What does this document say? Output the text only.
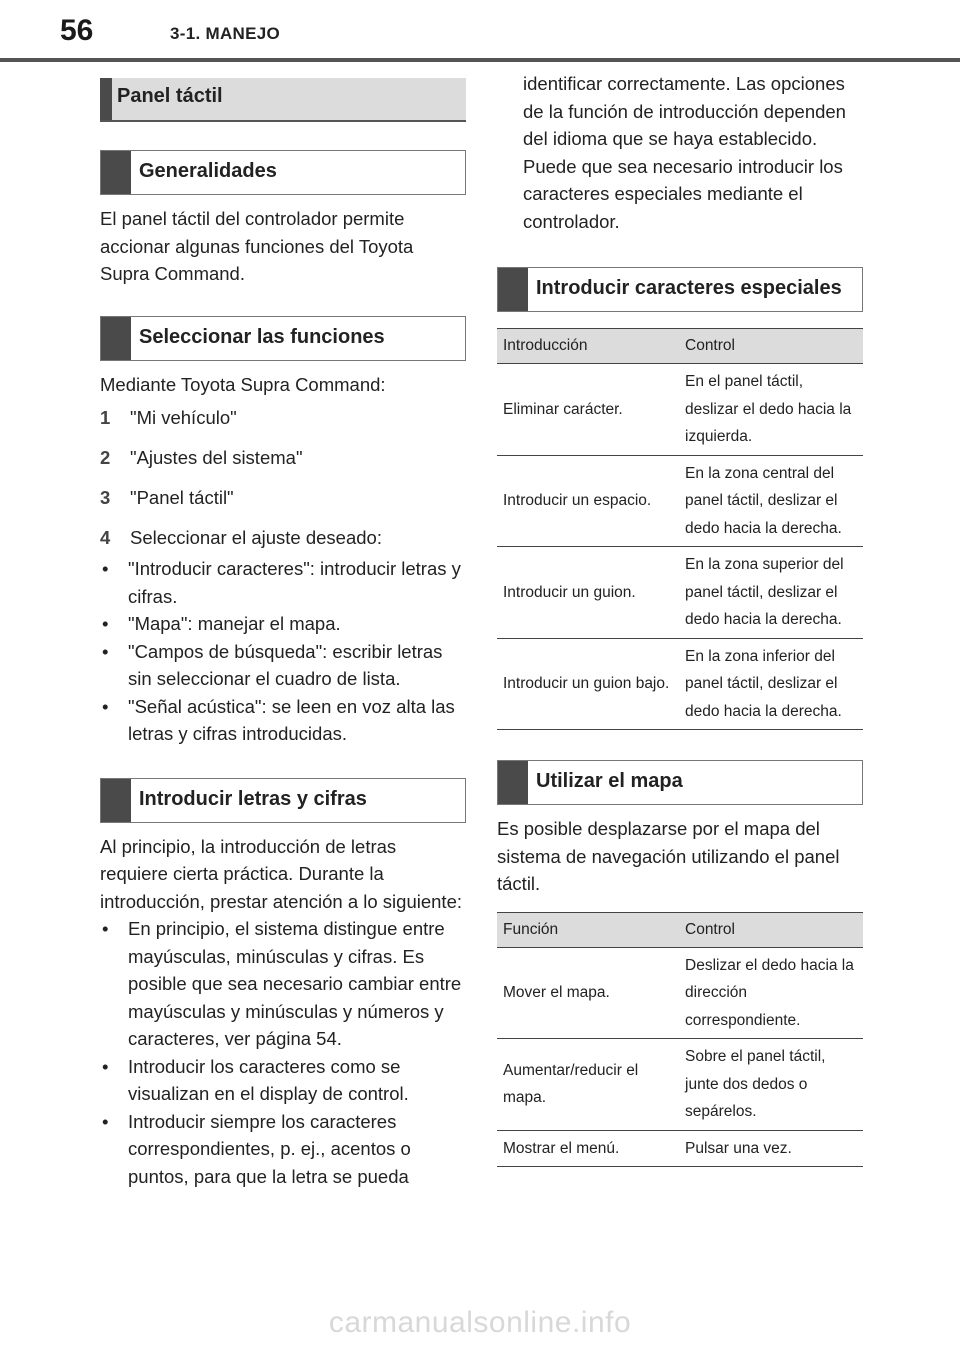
56	3-1. MANEJO
Panel táctil
Generalidades

El panel táctil del controlador permite accionar algunas funciones del Toyota Supra Command.

Seleccionar las funciones

Mediante Toyota Supra Command:

1	"Mi vehículo"
2	"Ajustes del sistema"
3	"Panel táctil"
4	Seleccionar el ajuste deseado:
•	"Introducir caracteres": introducir letras y cifras.
•	"Mapa": manejar el mapa.
•	"Campos de búsqueda": escribir letras sin seleccionar el cuadro de lista.
•	"Señal acústica": se leen en voz alta las letras y cifras introducidas.
Introducir letras y cifras

Al principio, la introducción de letras requiere cierta práctica. Durante la introducción, prestar atención a lo siguiente:

•	En principio, el sistema distingue entre mayúsculas, minúsculas y cifras. Es posible que sea necesario cambiar entre mayúsculas y minúsculas y números y caracteres, ver página 54.
•	Introducir los caracteres como se visualizan en el display de control.
•	Introducir siempre los caracteres correspondientes, p. ej., acentos o puntos, para que la letra se pueda

identificar correctamente. Las opciones de la función de introducción dependen del idioma que se haya establecido. Puede que sea necesario introducir los caracteres especiales mediante el controlador.

Introducir caracteres especiales
Introducción	Control
Eliminar carácter.	En el panel táctil, deslizar el dedo hacia la izquierda.
Introducir un espacio.	En la zona central del panel táctil, deslizar el dedo hacia la derecha.
Introducir un guion.	En la zona superior del panel táctil, deslizar el dedo hacia la derecha.
Introducir un guion bajo.	En la zona inferior del panel táctil, deslizar el dedo hacia la derecha.
Utilizar el mapa

Es posible desplazarse por el mapa del sistema de navegación utilizando el panel táctil.

Función	Control
Mover el mapa.	Deslizar el dedo hacia la dirección correspondiente.
Aumentar/reducir el mapa.	Sobre el panel táctil, junte dos dedos o sepárelos.
Mostrar el menú.	Pulsar una vez.
carmanualsonline.info
